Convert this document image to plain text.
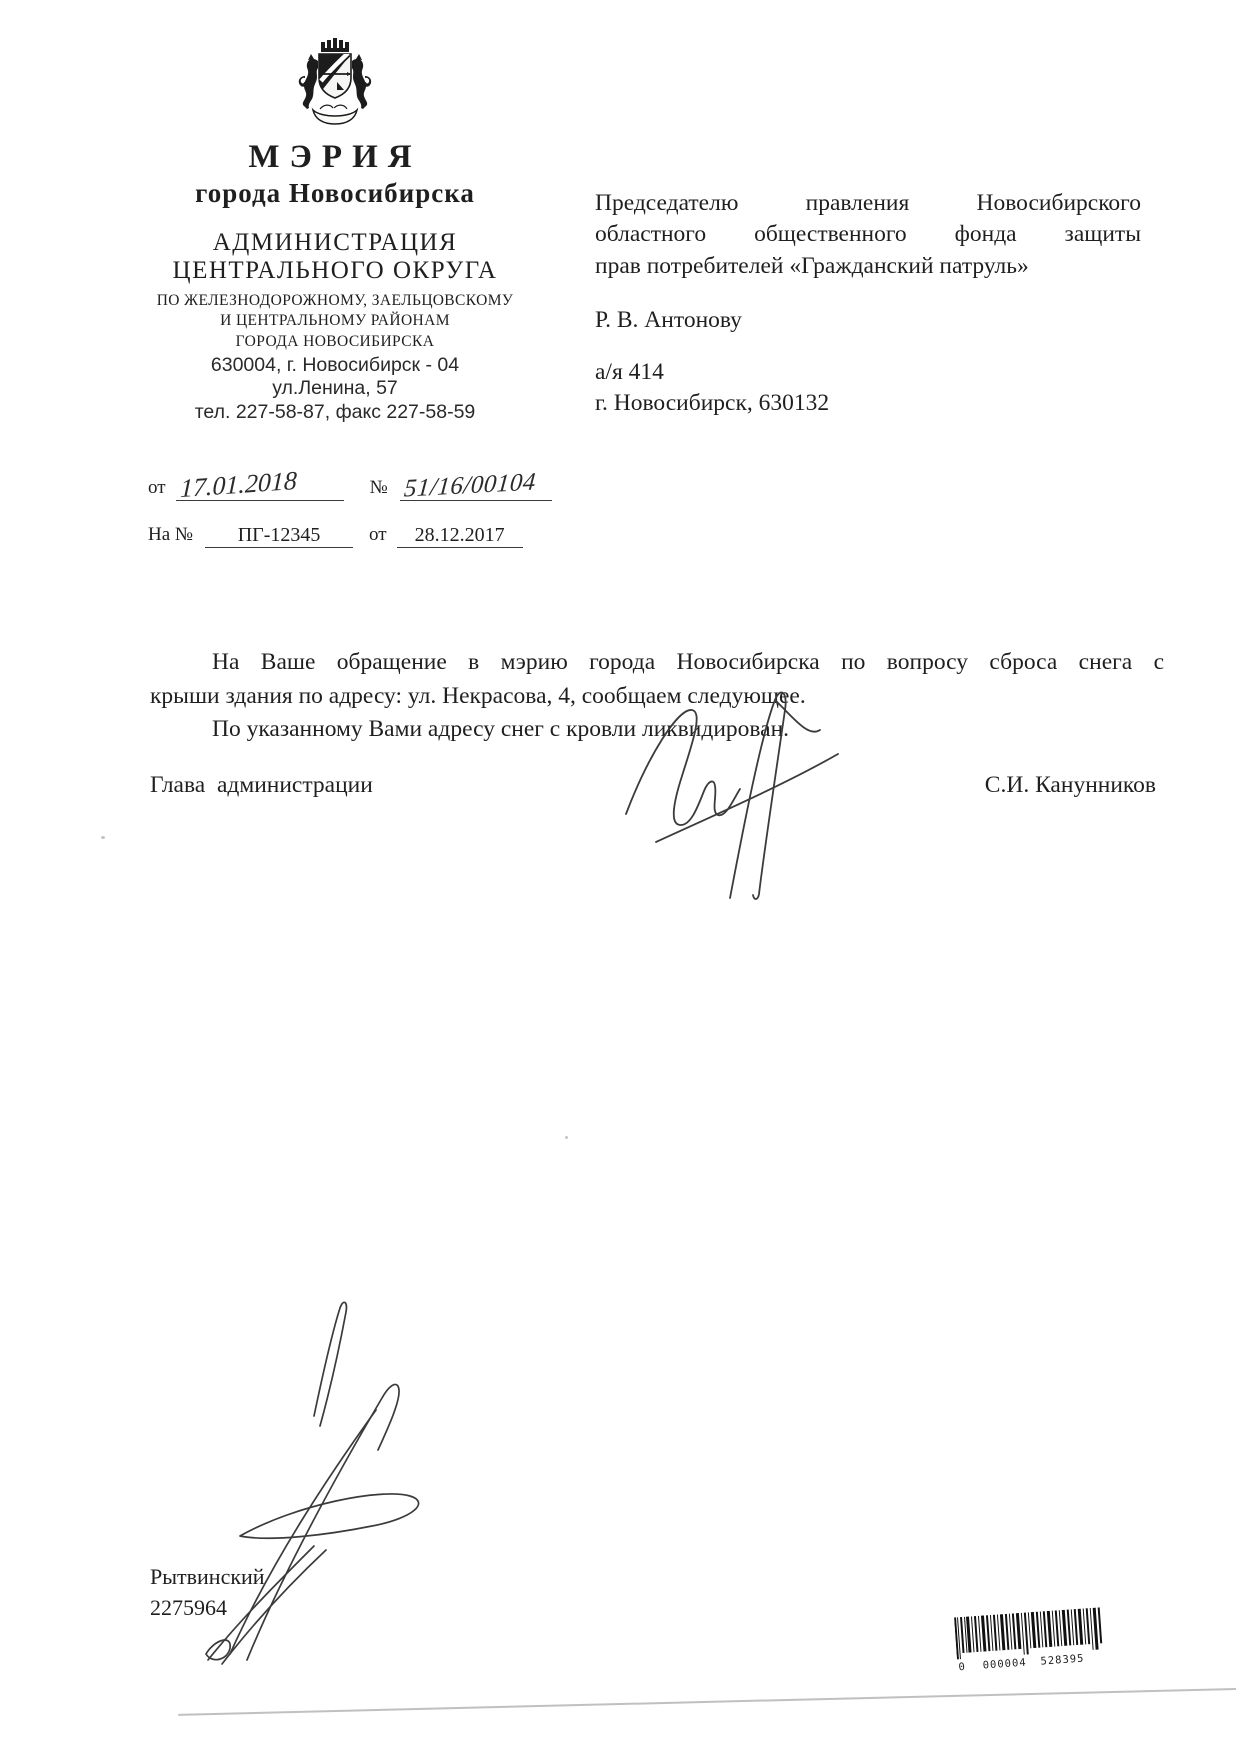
МЭРИЯ
города Новосибирска
АДМИНИСТРАЦИЯ
ЦЕНТРАЛЬНОГО ОКРУГА
ПО ЖЕЛЕЗНОДОРОЖНОМУ, ЗАЕЛЬЦОВСКОМУ
И ЦЕНТРАЛЬНОМУ РАЙОНАМ
ГОРОДА НОВОСИБИРСКА
630004, г. Новосибирск - 04
ул.Ленина, 57
тел. 227-58-87, факс 227-58-59
от 17.01.2018	№ 51/16/00104
На №	ПГ-12345	от	28.12.2017
Председателю правления Новосибирского
областного общественного фонда защиты
прав потребителей «Гражданский патруль»
Р. В. Антонову
а/я 414
г. Новосибирск, 630132
На Ваше обращение в мэрию города Новосибирска по вопросу сброса снега с
крыши здания по адресу: ул. Некрасова, 4, сообщаем следующее.
По указанному Вами адресу снег с кровли ликвидирован.
Глава  администрации	С.И. Канунников
Рытвинский
2275964
0 000004 528395
